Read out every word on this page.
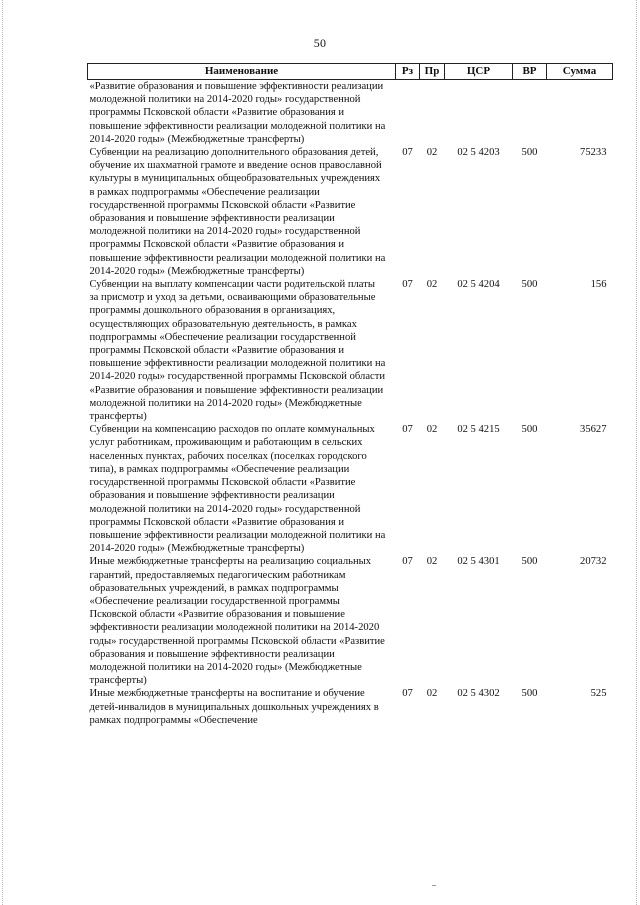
50
Наименование	Рз	Пр	ЦСР	ВР	Сумма
«Развитие образования и повышение эффективности реализации молодежной политики на 2014-2020 годы» государственной программы Псковской области «Развитие образования и повышение эффективности реализации молодежной политики на 2014-2020 годы» (Межбюджетные трансферты)					
Субвенции на реализацию дополнительного образования детей, обучение их шахматной грамоте и введение основ православной культуры в муниципальных общеобразовательных учреждениях в рамках подпрограммы «Обеспечение реализации государственной программы Псковской области «Развитие образования и повышение эффективности реализации молодежной политики на 2014-2020 годы» государственной программы Псковской области «Развитие образования и повышение эффективности реализации молодежной политики на 2014-2020 годы» (Межбюджетные трансферты)	07	02	02 5 4203	500	75233
Субвенции на выплату компенсации части родительской платы за присмотр и уход за детьми, осваивающими образовательные программы дошкольного образования в организациях, осуществляющих образовательную деятельность, в рамках подпрограммы «Обеспечение реализации государственной программы Псковской области «Развитие образования и повышение эффективности реализации молодежной политики на 2014-2020 годы» государственной программы Псковской области «Развитие образования и повышение эффективности реализации молодежной политики на 2014-2020 годы» (Межбюджетные трансферты)	07	02	02 5 4204	500	156
Субвенции на компенсацию расходов по оплате коммунальных услуг работникам, проживающим и работающим в сельских населенных пунктах, рабочих поселках (поселках городского типа), в рамках подпрограммы «Обеспечение реализации государственной программы Псковской области «Развитие образования и повышение эффективности реализации молодежной политики на 2014-2020 годы» государственной программы Псковской области «Развитие образования и повышение эффективности реализации молодежной политики на 2014-2020 годы» (Межбюджетные трансферты)	07	02	02 5 4215	500	35627
Иные межбюджетные трансферты на реализацию социальных гарантий, предоставляемых педагогическим работникам образовательных учреждений, в рамках подпрограммы «Обеспечение реализации государственной программы Псковской области «Развитие образования и повышение эффективности реализации молодежной политики на 2014-2020 годы» государственной программы Псковской области «Развитие образования и повышение эффективности реализации молодежной политики на 2014-2020 годы» (Межбюджетные трансферты)	07	02	02 5 4301	500	20732
Иные межбюджетные трансферты на воспитание и обучение детей-инвалидов в муниципальных дошкольных учреждениях в рамках подпрограммы «Обеспечение	07	02	02 5 4302	500	525
